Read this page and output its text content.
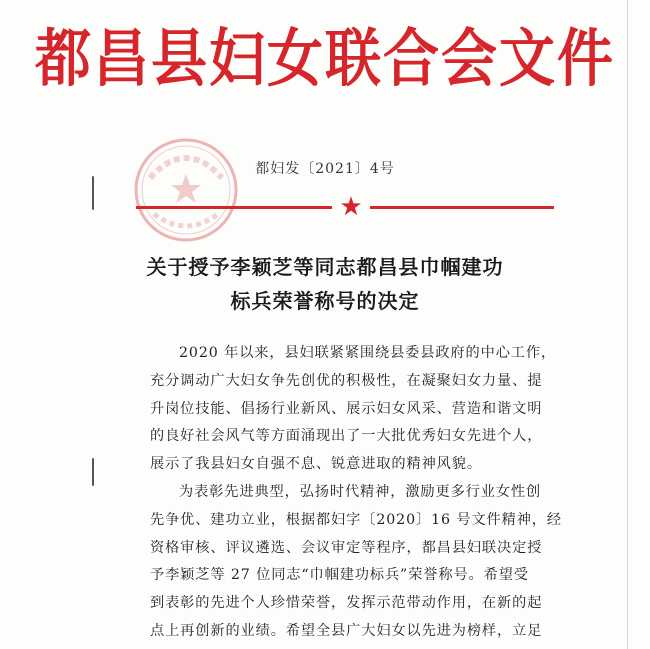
都昌县妇女联合会文件
都妇发〔2021〕4号
★
关于授予李颖芝等同志都昌县巾帼建功
标兵荣誉称号的决定
2020 年以来，县妇联紧紧围绕县委县政府的中心工作，
充分调动广大妇女争先创优的积极性，在凝聚妇女力量、提
升岗位技能、倡扬行业新风、展示妇女风采、营造和谐文明
的良好社会风气等方面涌现出了一大批优秀妇女先进个人，
展示了我县妇女自强不息、锐意进取的精神风貌。
为表彰先进典型，弘扬时代精神，激励更多行业女性创
先争优、建功立业，根据都妇字〔2020〕16 号文件精神，经
资格审核、评议遴选、会议审定等程序，都昌县妇联决定授
予李颖芝等 27 位同志“巾帼建功标兵”荣誉称号。希望受
到表彰的先进个人珍惜荣誉，发挥示范带动作用，在新的起
点上再创新的业绩。希望全县广大妇女以先进为榜样，立足
